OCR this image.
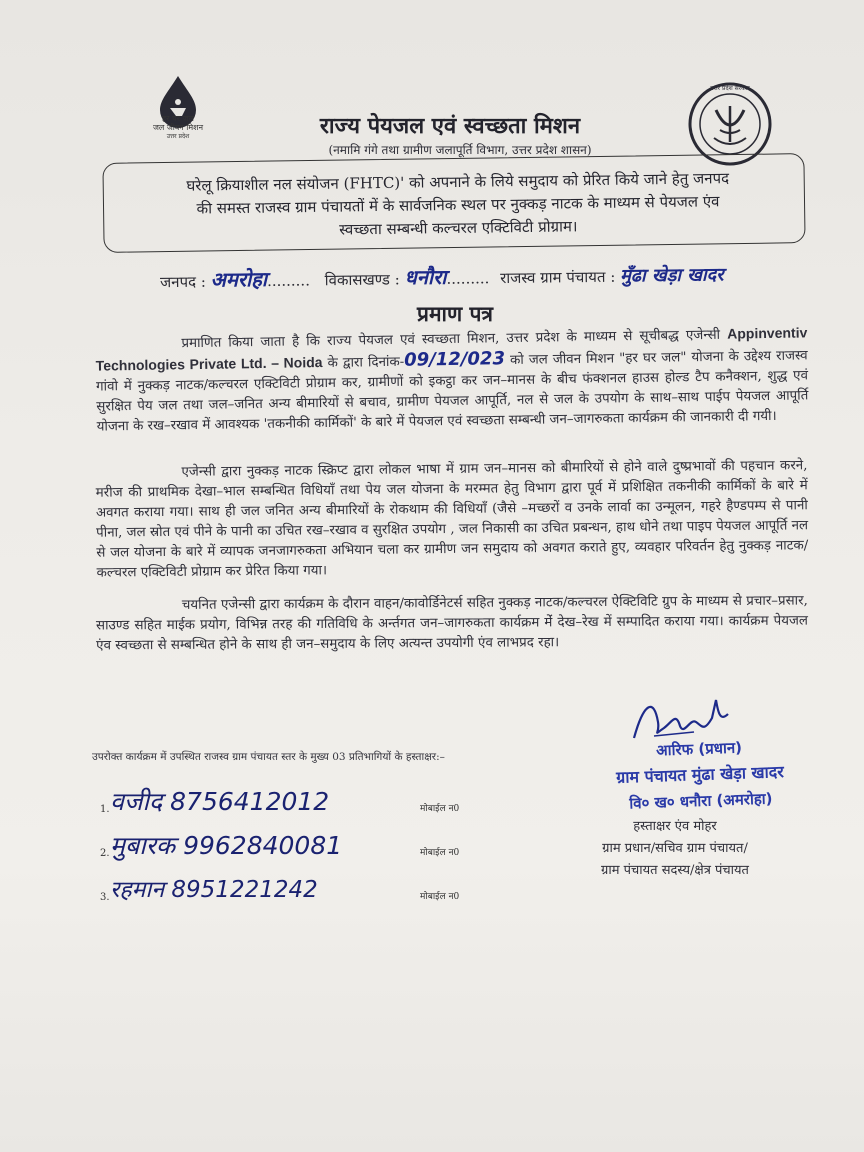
हर घर जल
जल जीवन मिशन
उत्तर प्रदेश	राज्य पेयजल एवं स्वच्छता मिशन
(नमामि गंगे तथा ग्रामीण जलापूर्ति विभाग, उत्तर प्रदेश शासन)
उत्तर प्रदेश सरकार
घरेलू क्रियाशील नल संयोजन (FHTC)' को अपनाने के लिये समुदाय को प्रेरित किये जाने हेतु जनपद
की समस्त राजस्व ग्राम पंचायतों में के सार्वजनिक स्थल पर नुक्कड़ नाटक के माध्यम से पेयजल एंव
स्वच्छता सम्बन्धी कल्चरल एक्टिविटी प्रोग्राम।
जनपद : अमरोहा......... विकासखण्ड : धनौरा......... राजस्व ग्राम पंचायत : मुँढा खेड़ा खादर
प्रमाण पत्र
प्रमाणित किया जाता है कि राज्य पेयजल एवं स्वच्छता मिशन, उत्तर प्रदेश के माध्यम से सूचीबद्ध एजेन्सी Appinventiv Technologies Private Ltd. – Noida के द्वारा दिनांक-09/12/023 को जल जीवन मिशन "हर घर जल" योजना के उद्देश्य राजस्व गांवो में नुक्कड़ नाटक/कल्चरल एक्टिविटी प्रोग्राम कर, ग्रामीणों को इकट्ठा कर जन–मानस के बीच फंक्शनल हाउस होल्ड टैप कनैक्शन, शुद्ध एवं सुरक्षित पेय जल तथा जल–जनित अन्य बीमारियों से बचाव, ग्रामीण पेयजल आपूर्ति, नल से जल के उपयोग के साथ–साथ पाईप पेयजल आपूर्ति योजना के रख–रखाव में आवश्यक 'तकनीकी कार्मिकों' के बारे में पेयजल एवं स्वच्छता सम्बन्धी जन–जागरुकता कार्यक्रम की जानकारी दी गयी।
एजेन्सी द्वारा नुक्कड़ नाटक स्क्रिप्ट द्वारा लोकल भाषा में ग्राम जन–मानस को बीमारियों से होने वाले दुष्प्रभावों की पहचान करने, मरीज की प्राथमिक देखा–भाल सम्बन्धित विधियाँ तथा पेय जल योजना के मरम्मत हेतु विभाग द्वारा पूर्व में प्रशिक्षित तकनीकी कार्मिकों के बारे में अवगत कराया गया। साथ ही जल जनित अन्य बीमारियों के रोकथाम की विधियाँ (जैसे –मच्छरों व उनके लार्वा का उन्मूलन, गहरे हैण्डपम्प से पानी पीना, जल स्रोत एवं पीने के पानी का उचित रख–रखाव व सुरक्षित उपयोग , जल निकासी का उचित प्रबन्धन, हाथ धोने तथा पाइप पेयजल आपूर्ति नल से जल योजना के बारे में व्यापक जनजागरुकता अभियान चला कर ग्रामीण जन समुदाय को अवगत कराते हुए, व्यवहार परिवर्तन हेतु नुक्कड़ नाटक/कल्चरल एक्टिविटी प्रोग्राम कर प्रेरित किया गया।
चयनित एजेन्सी द्वारा कार्यक्रम के दौरान वाहन/कावोर्डिनेटर्स सहित नुक्कड़ नाटक/कल्चरल ऐक्टिविटि ग्रुप के माध्यम से प्रचार–प्रसार, साउण्ड सहित माईक प्रयोग, विभिन्न तरह की गतिविधि के अर्न्तगत जन–जागरुकता कार्यक्रम मेंं देख–रेख में सम्पादित कराया गया। कार्यक्रम पेयजल एंव स्वच्छता से सम्बन्धित होने के साथ ही जन–समुदाय के लिए अत्यन्त उपयोगी एंव लाभप्रद रहा।
आरिफ (प्रधान)
ग्राम पंचायत मुंढा खेड़ा खादर
वि० ख० धनौरा (अमरोहा)
उपरोक्त कार्यक्रम में उपस्थित राजस्व ग्राम पंचायत स्तर के मुख्य 03 प्रतिभागियों के हस्ताक्षर:–
1. वजीद 8756412012	मोबाईल न0
2. मुबारक 9962840081	मोबाईल न0
3. रहमान 8951221242	मोबाईल न0
हस्ताक्षर एंव मोहर
ग्राम प्रधान/सचिव ग्राम पंचायत/
ग्राम पंचायत सदस्य/क्षेत्र पंचायत
